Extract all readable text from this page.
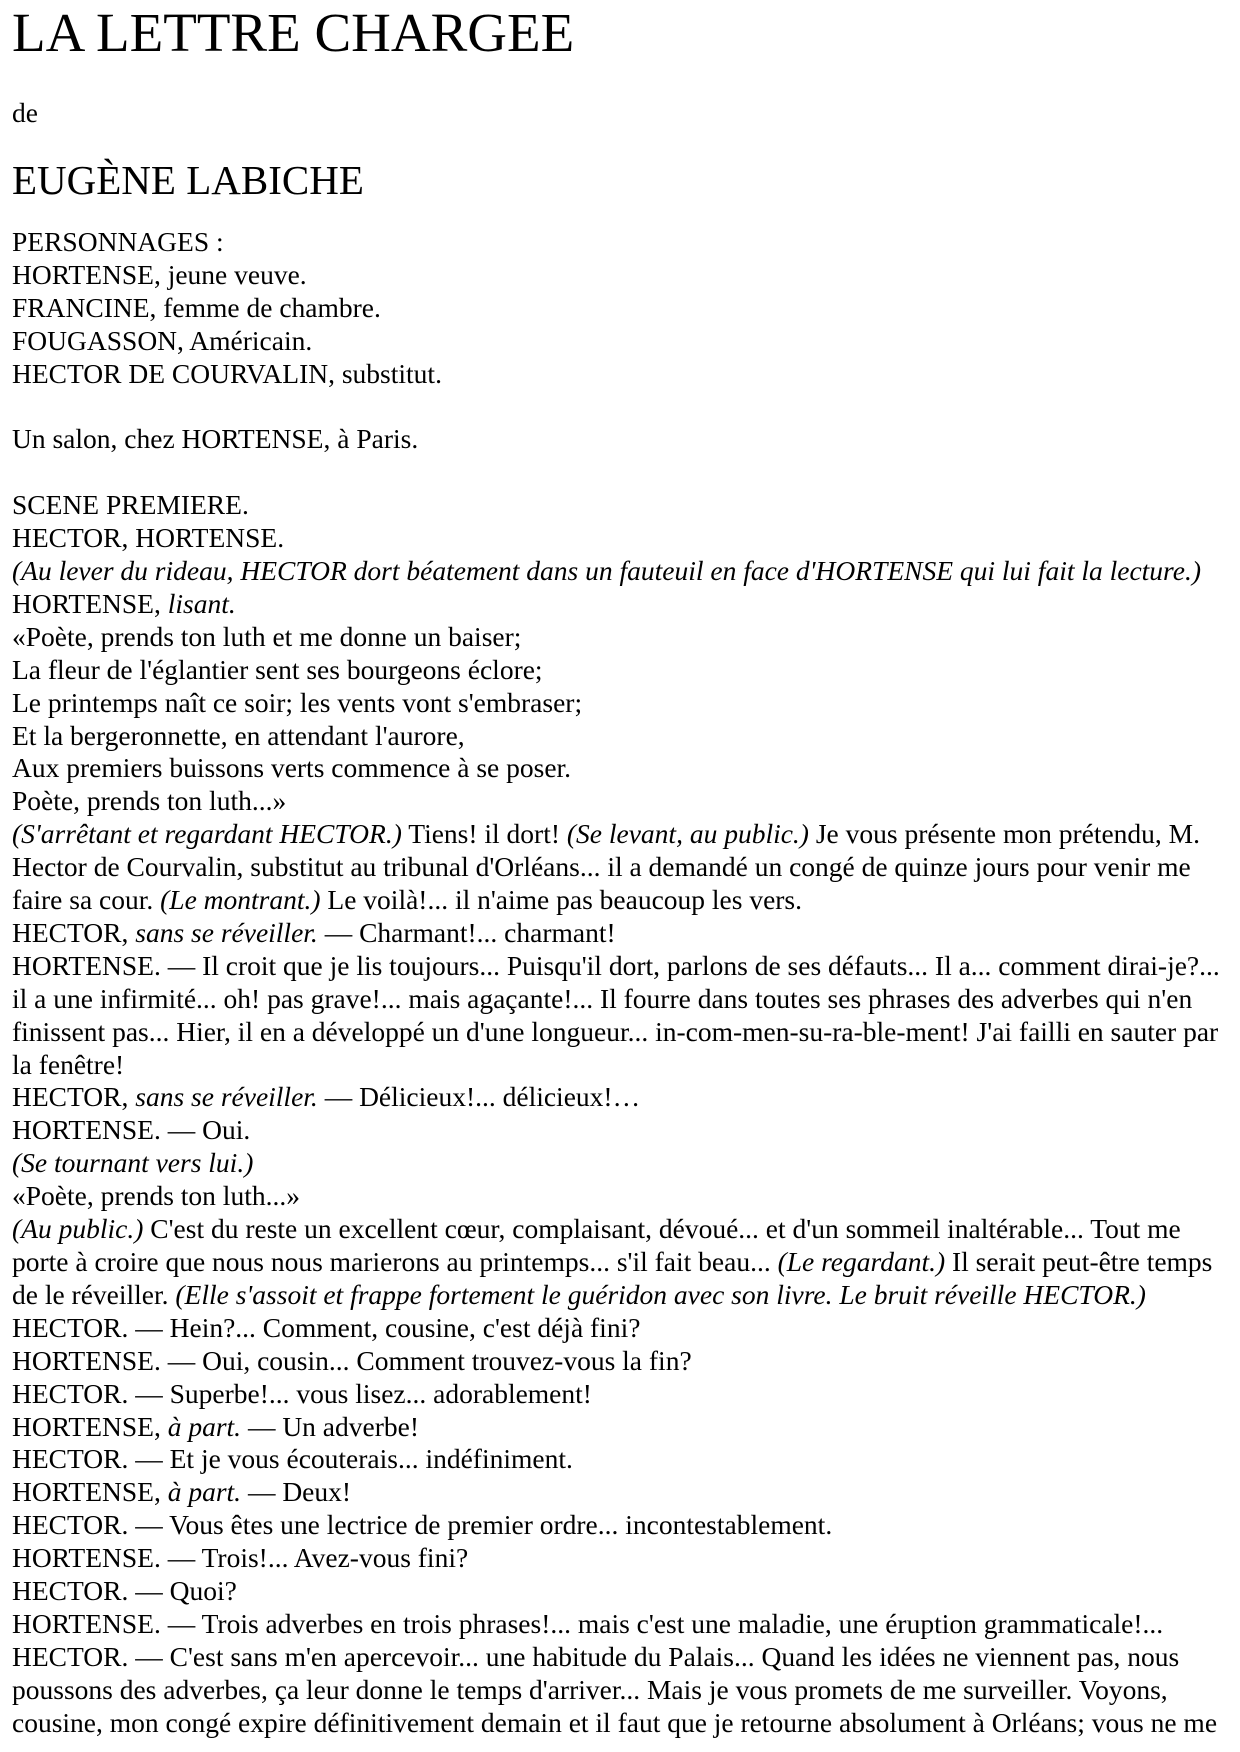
LA LETTRE CHARGEE
de
EUGÈNE LABICHE
PERSONNAGES :
HORTENSE, jeune veuve.
FRANCINE, femme de chambre.
FOUGASSON, Américain.
HECTOR DE COURVALIN, substitut.

Un salon, chez HORTENSE, à Paris.

SCENE PREMIERE.
HECTOR, HORTENSE.
(Au lever du rideau, HECTOR dort béatement dans un fauteuil en face d'HORTENSE qui lui fait la lecture.)
HORTENSE, lisant.
«Poète, prends ton luth et me donne un baiser;
La fleur de l'églantier sent ses bourgeons éclore;
Le printemps naît ce soir; les vents vont s'embraser;
Et la bergeronnette, en attendant l'aurore,
Aux premiers buissons verts commence à se poser.
Poète, prends ton luth...»
(S'arrêtant et regardant HECTOR.) Tiens! il dort! (Se levant, au public.) Je vous présente mon prétendu, M.
Hector de Courvalin, substitut au tribunal d'Orléans... il a demandé un congé de quinze jours pour venir me
faire sa cour. (Le montrant.) Le voilà!... il n'aime pas beaucoup les vers.
HECTOR, sans se réveiller. — Charmant!... charmant!
HORTENSE. — Il croit que je lis toujours... Puisqu'il dort, parlons de ses défauts... Il a... comment dirai-je?...
il a une infirmité... oh! pas grave!... mais agaçante!... Il fourre dans toutes ses phrases des adverbes qui n'en
finissent pas... Hier, il en a développé un d'une longueur... in-com-men-su-ra-ble-ment! J'ai failli en sauter par
la fenêtre!
HECTOR, sans se réveiller. — Délicieux!... délicieux!…
HORTENSE. — Oui.
(Se tournant vers lui.)
«Poète, prends ton luth...»
(Au public.) C'est du reste un excellent cœur, complaisant, dévoué... et d'un sommeil inaltérable... Tout me
porte à croire que nous nous marierons au printemps... s'il fait beau... (Le regardant.) Il serait peut-être temps
de le réveiller. (Elle s'assoit et frappe fortement le guéridon avec son livre. Le bruit réveille HECTOR.)
HECTOR. — Hein?... Comment, cousine, c'est déjà fini?
HORTENSE. — Oui, cousin... Comment trouvez-vous la fin?
HECTOR. — Superbe!... vous lisez... adorablement!
HORTENSE, à part. — Un adverbe!
HECTOR. — Et je vous écouterais... indéfiniment.
HORTENSE, à part. — Deux!
HECTOR. — Vous êtes une lectrice de premier ordre... incontestablement.
HORTENSE. — Trois!... Avez-vous fini?
HECTOR. — Quoi?
HORTENSE. — Trois adverbes en trois phrases!... mais c'est une maladie, une éruption grammaticale!...
HECTOR. — C'est sans m'en apercevoir... une habitude du Palais... Quand les idées ne viennent pas, nous
poussons des adverbes, ça leur donne le temps d'arriver... Mais je vous promets de me surveiller. Voyons,
cousine, mon congé expire définitivement demain et il faut que je retourne absolument à Orléans; vous ne me
